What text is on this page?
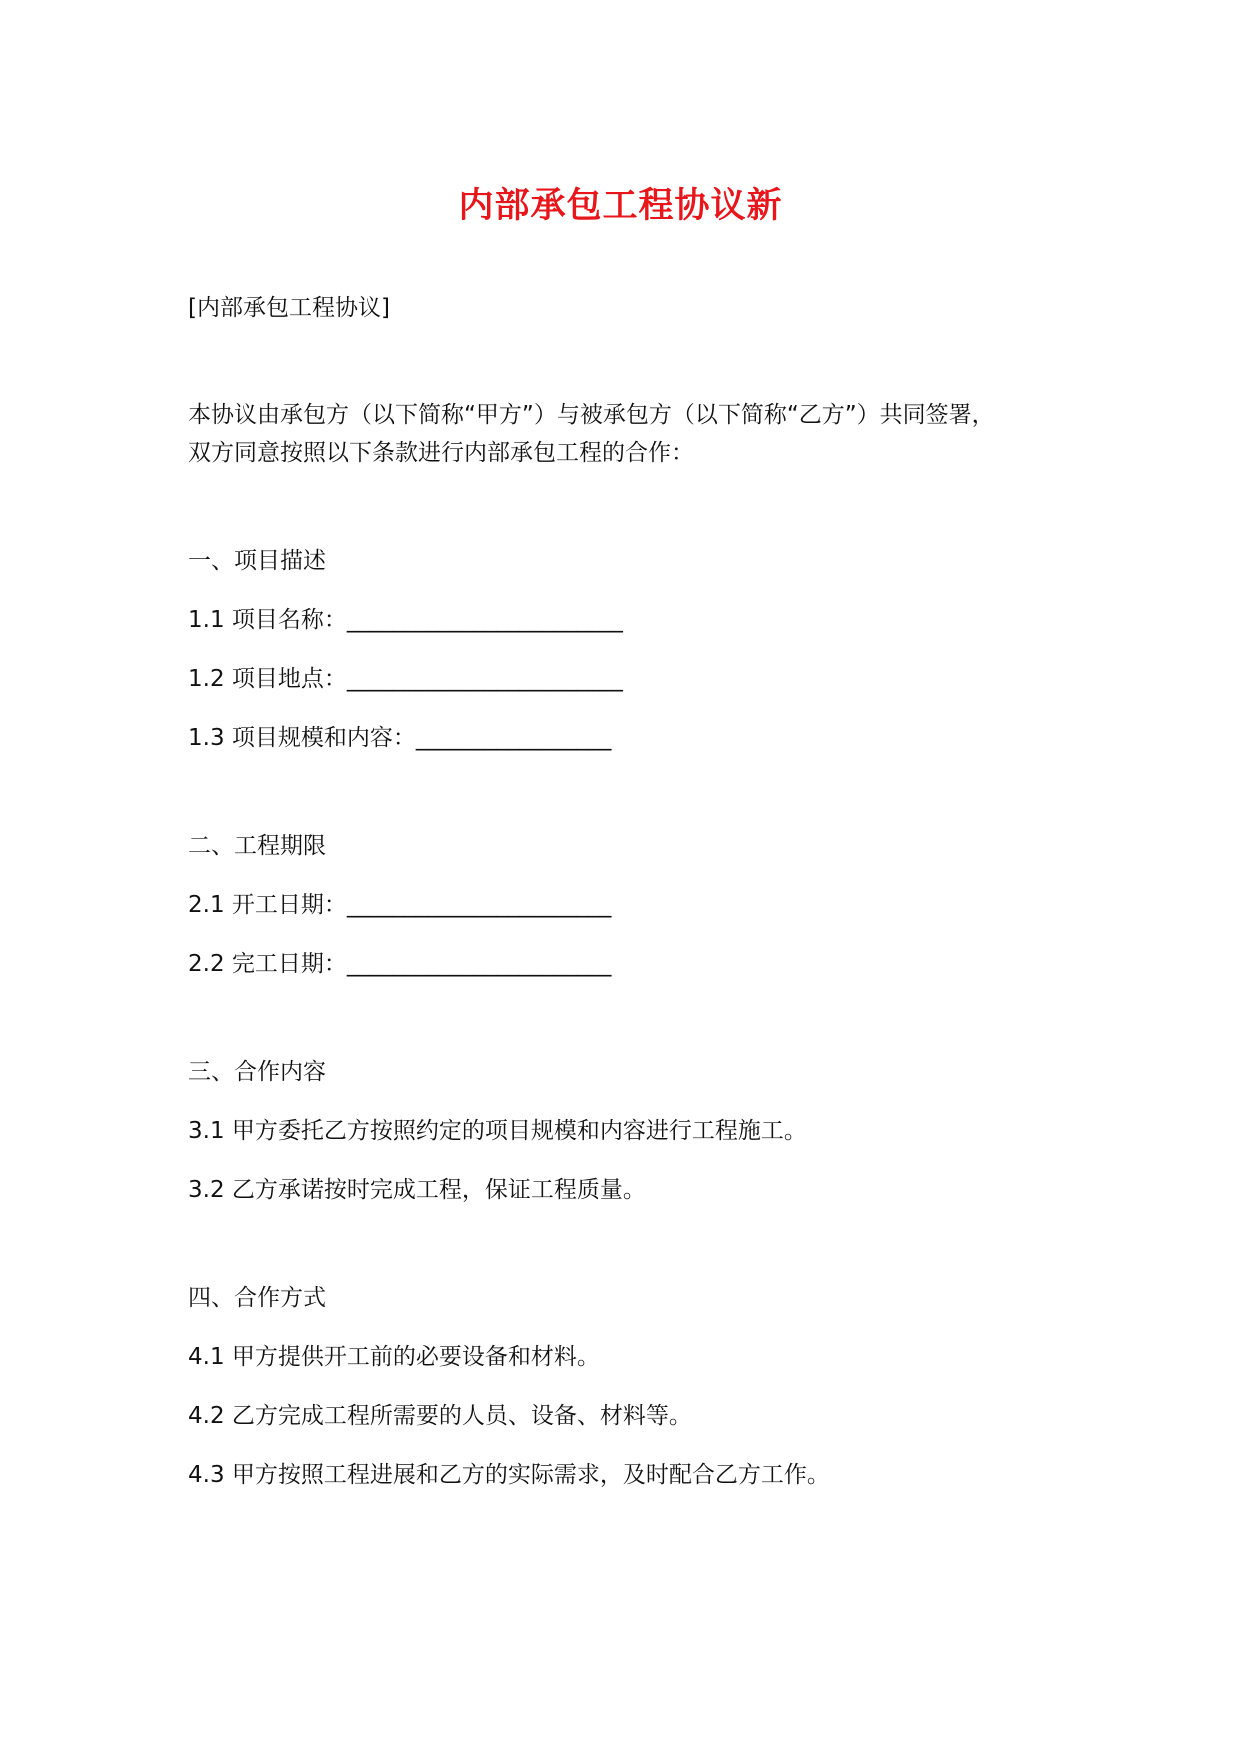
内部承包工程协议新
[内部承包工程协议]
本协议由承包方（以下简称“甲方”）与被承包方（以下简称“乙方”）共同签署，
双方同意按照以下条款进行内部承包工程的合作：
一、项目描述
1.1 项目名称：________________________
1.2 项目地点：________________________
1.3 项目规模和内容：_________________
二、工程期限
2.1 开工日期：_______________________
2.2 完工日期：_______________________
三、合作内容
3.1 甲方委托乙方按照约定的项目规模和内容进行工程施工。
3.2 乙方承诺按时完成工程，保证工程质量。
四、合作方式
4.1 甲方提供开工前的必要设备和材料。
4.2 乙方完成工程所需要的人员、设备、材料等。
4.3 甲方按照工程进展和乙方的实际需求，及时配合乙方工作。
